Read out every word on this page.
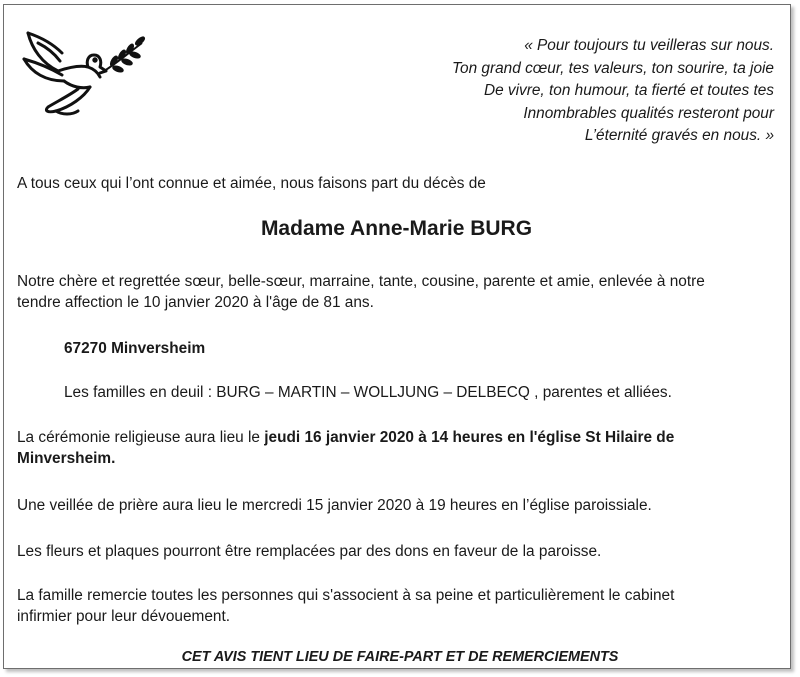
« Pour toujours tu veilleras sur nous.
Ton grand cœur, tes valeurs, ton sourire, ta joie
De vivre, ton humour, ta fierté et toutes tes
Innombrables qualités resteront pour
L’éternité gravés en nous. »
A tous ceux qui l’ont connue et aimée, nous faisons part du décès de
Madame Anne-Marie BURG
Notre chère et regrettée sœur, belle-sœur, marraine, tante, cousine, parente et amie, enlevée à notre
tendre affection le 10 janvier 2020 à l'âge de 81 ans.
67270 Minversheim
Les familles en deuil : BURG – MARTIN – WOLLJUNG – DELBECQ , parentes et alliées.
La cérémonie religieuse aura lieu le jeudi 16 janvier 2020 à 14 heures en l'église St Hilaire de
Minversheim.
Une veillée de prière aura lieu le mercredi 15 janvier 2020 à 19 heures en l’église paroissiale.
Les fleurs et plaques pourront être remplacées par des dons en faveur de la paroisse.
La famille remercie toutes les personnes qui s'associent à sa peine et particulièrement le cabinet
infirmier pour leur dévouement.
CET AVIS TIENT LIEU DE FAIRE-PART ET DE REMERCIEMENTS
